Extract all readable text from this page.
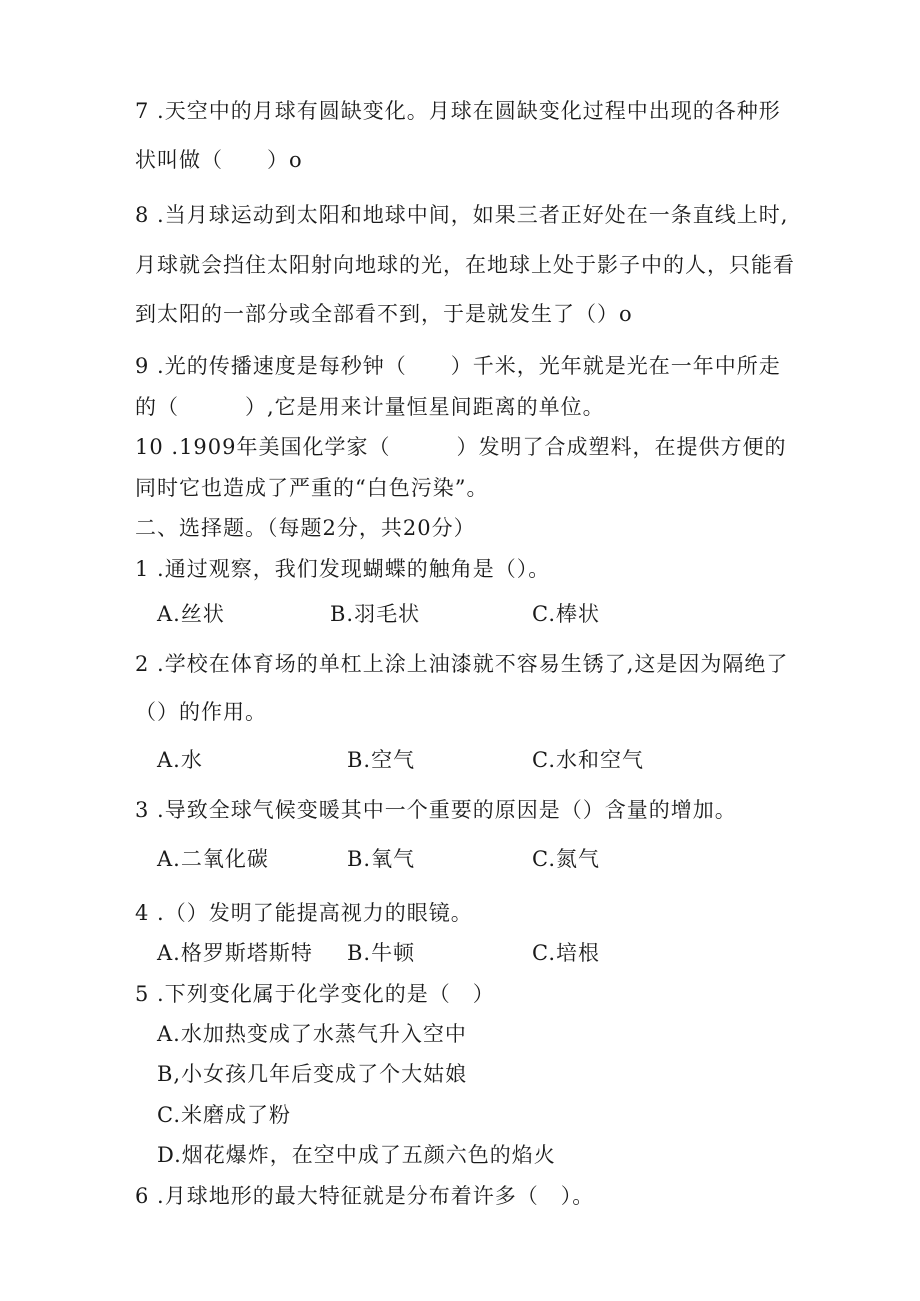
7 .天空中的月球有圆缺变化。月球在圆缺变化过程中出现的各种形
状叫做（　　）o
8 .当月球运动到太阳和地球中间，如果三者正好处在一条直线上时,
月球就会挡住太阳射向地球的光，在地球上处于影子中的人，只能看
到太阳的一部分或全部看不到，于是就发生了（）o
9 .光的传播速度是每秒钟（　　）千米，光年就是光在一年中所走
的（　　　）,它是用来计量恒星间距离的单位。
10 .1909年美国化学家（　　　）发明了合成塑料，在提供方便的
同时它也造成了严重的“白色污染”。
二、选择题。（每题2分，共20分）
1 .通过观察，我们发现蝴蝶的触角是（）。
A.丝状	B.羽毛状	C.棒状
2 .学校在体育场的单杠上涂上油漆就不容易生锈了,这是因为隔绝了
（）的作用。
A.水	B.空气	C.水和空气
3 .导致全球气候变暖其中一个重要的原因是（）含量的增加。
A.二氧化碳	B.氧气	C.氮气
4 .（）发明了能提高视力的眼镜。
A.格罗斯塔斯特 B.牛顿	C.培根
5 .下列变化属于化学变化的是（　）
A.水加热变成了水蒸气升入空中
B,小女孩几年后变成了个大姑娘
C.米磨成了粉
D.烟花爆炸，在空中成了五颜六色的焰火
6 .月球地形的最大特征就是分布着许多（　）。
